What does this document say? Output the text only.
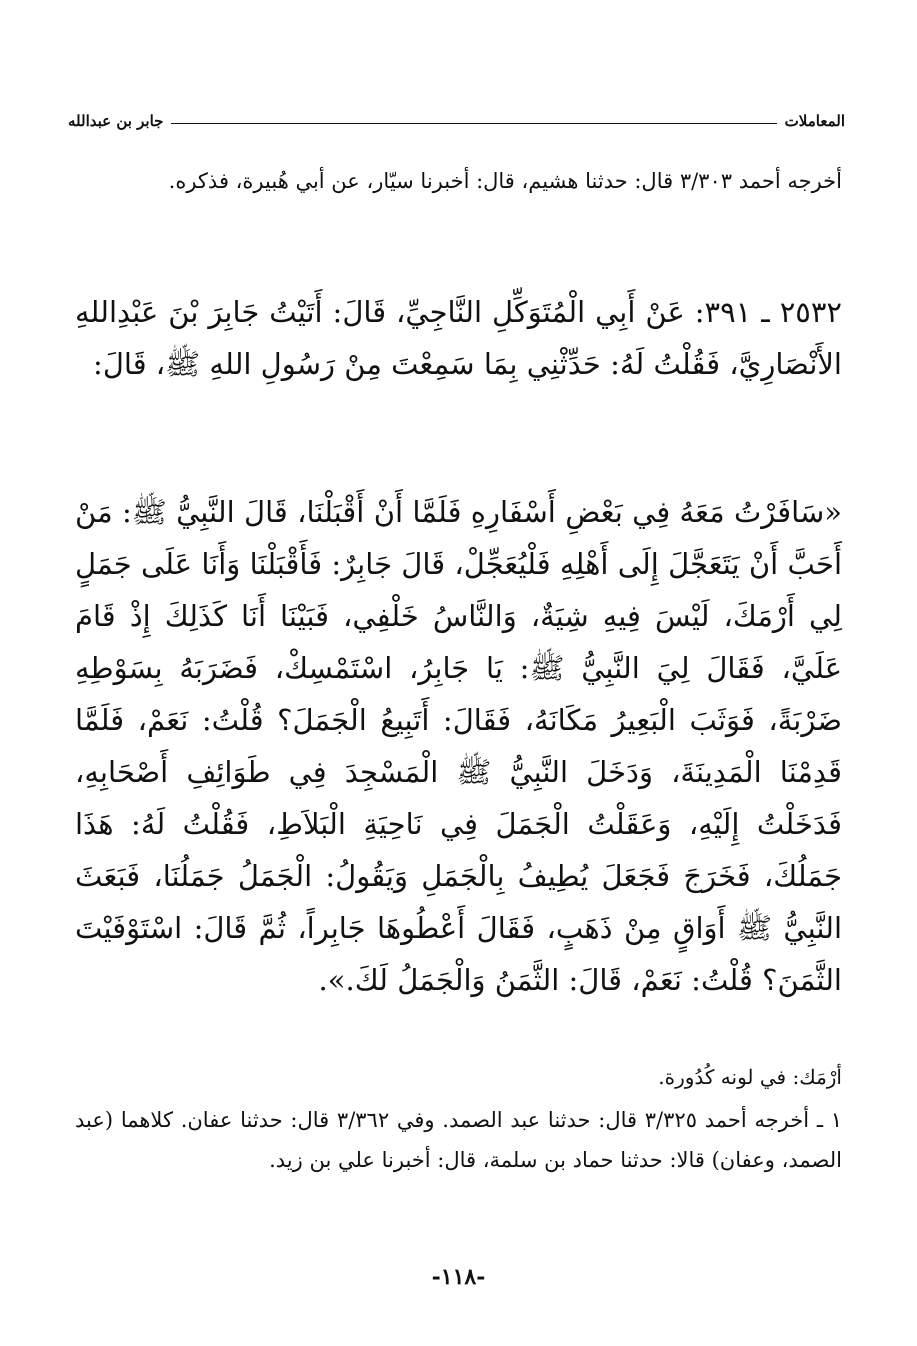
المعاملات
جابر بن عبدالله
أخرجه أحمد ٣/٣٠٣ قال: حدثنا هشيم، قال: أخبرنا سيّار، عن أبي هُبيرة، فذكره.
٢٥٣٢ ـ ٣٩١: عَنْ أَبِي الْمُتَوَكِّلِ النَّاجِيِّ، قَالَ: أَتَيْتُ جَابِرَ بْنَ عَبْدِاللهِ الأَنْصَارِيَّ، فَقُلْتُ لَهُ: حَدِّثْنِي بِمَا سَمِعْتَ مِنْ رَسُولِ اللهِ ﷺ، قَالَ:
«سَافَرْتُ مَعَهُ فِي بَعْضِ أَسْفَارِهِ فَلَمَّا أَنْ أَقْبَلْنَا، قَالَ النَّبِيُّ ﷺ: مَنْ أَحَبَّ أَنْ يَتَعَجَّلَ إِلَى أَهْلِهِ فَلْيُعَجِّلْ، قَالَ جَابِرٌ: فَأَقْبَلْنَا وَأَنَا عَلَى جَمَلٍ لِي أَرْمَكَ، لَيْسَ فِيهِ شِيَةٌ، وَالنَّاسُ خَلْفِي، فَبَيْنَا أَنَا كَذَلِكَ إِذْ قَامَ عَلَيَّ، فَقَالَ لِيَ النَّبِيُّ ﷺ: يَا جَابِرُ، اسْتَمْسِكْ، فَضَرَبَهُ بِسَوْطِهِ ضَرْبَةً، فَوَثَبَ الْبَعِيرُ مَكَانَهُ، فَقَالَ: أَتَبِيعُ الْجَمَلَ؟ قُلْتُ: نَعَمْ، فَلَمَّا قَدِمْنَا الْمَدِينَةَ، وَدَخَلَ النَّبِيُّ ﷺ الْمَسْجِدَ فِي طَوَائِفِ أَصْحَابِهِ، فَدَخَلْتُ إِلَيْهِ، وَعَقَلْتُ الْجَمَلَ فِي نَاحِيَةِ الْبَلاَطِ، فَقُلْتُ لَهُ: هَذَا جَمَلُكَ، فَخَرَجَ فَجَعَلَ يُطِيفُ بِالْجَمَلِ وَيَقُولُ: الْجَمَلُ جَمَلُنَا، فَبَعَثَ النَّبِيُّ ﷺ أَوَاقٍ مِنْ ذَهَبٍ، فَقَالَ أَعْطُوهَا جَابِراً، ثُمَّ قَالَ: اسْتَوْفَيْتَ الثَّمَنَ؟ قُلْتُ: نَعَمْ، قَالَ: الثَّمَنُ وَالْجَمَلُ لَكَ.».
أرْمَك: في لونه كُدُورة.
١ ـ أخرجه أحمد ٣/٣٢٥ قال: حدثنا عبد الصمد. وفي ٣/٣٦٢ قال: حدثنا عفان. كلاهما (عبد الصمد، وعفان) قالا: حدثنا حماد بن سلمة، قال: أخبرنا علي بن زيد.
-١١٨-
